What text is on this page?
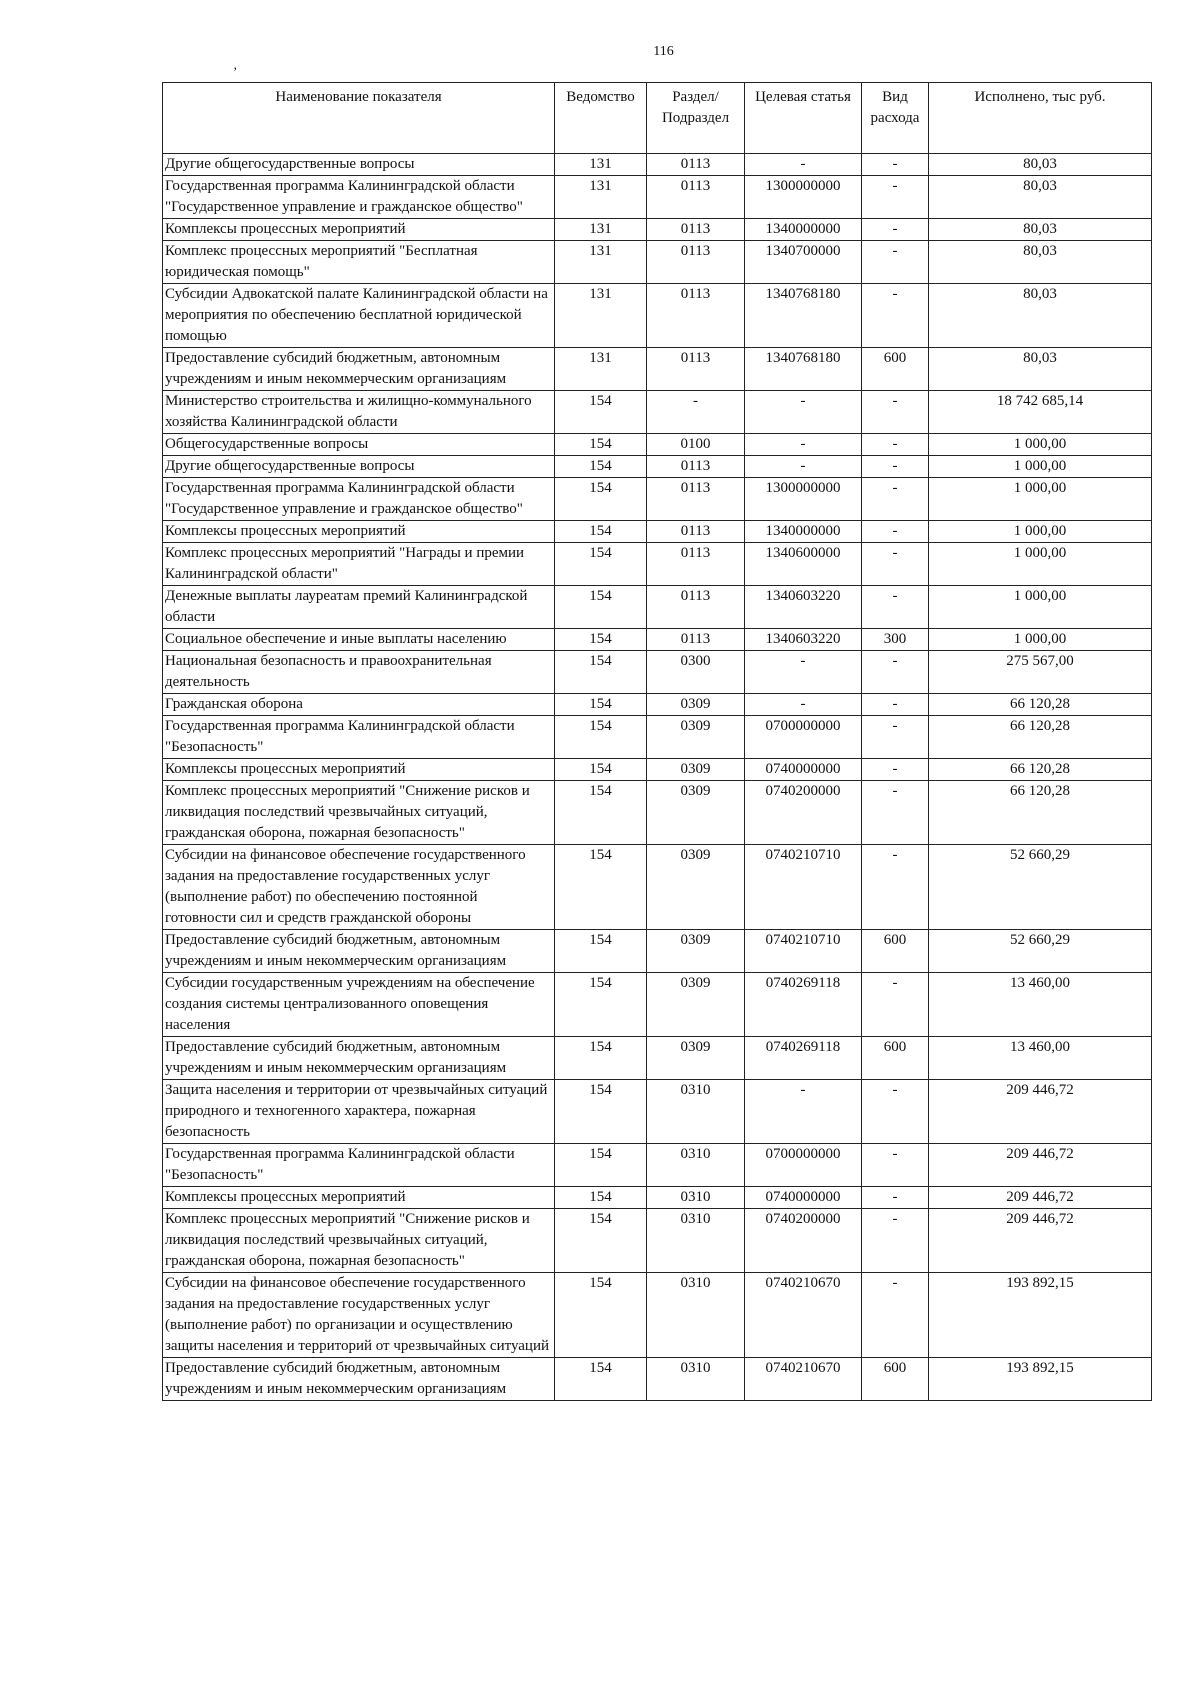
116
ʼ
Наименование показателя	Ведомство	Раздел/ Подраздел	Целевая статья	Вид расхода	Исполнено, тыс руб.
Другие общегосударственные вопросы	131	0113	-	-	80,03
Государственная программа Калининградской области "Государственное управление и гражданское общество"	131	0113	1300000000	-	80,03
Комплексы процессных мероприятий	131	0113	1340000000	-	80,03
Комплекс процессных мероприятий "Бесплатная юридическая помощь"	131	0113	1340700000	-	80,03
Субсидии Адвокатской палате Калининградской области на мероприятия по обеспечению бесплатной юридической помощью	131	0113	1340768180	-	80,03
Предоставление субсидий бюджетным, автономным учреждениям и иным некоммерческим организациям	131	0113	1340768180	600	80,03
Министерство строительства и жилищно-коммунального хозяйства Калининградской области	154	-	-	-	18 742 685,14
Общегосударственные вопросы	154	0100	-	-	1 000,00
Другие общегосударственные вопросы	154	0113	-	-	1 000,00
Государственная программа Калининградской области "Государственное управление и гражданское общество"	154	0113	1300000000	-	1 000,00
Комплексы процессных мероприятий	154	0113	1340000000	-	1 000,00
Комплекс процессных мероприятий "Награды и премии Калининградской области"	154	0113	1340600000	-	1 000,00
Денежные выплаты лауреатам премий Калининградской области	154	0113	1340603220	-	1 000,00
Социальное обеспечение и иные выплаты населению	154	0113	1340603220	300	1 000,00
Национальная безопасность и правоохранительная деятельность	154	0300	-	-	275 567,00
Гражданская оборона	154	0309	-	-	66 120,28
Государственная программа Калининградской области "Безопасность"	154	0309	0700000000	-	66 120,28
Комплексы процессных мероприятий	154	0309	0740000000	-	66 120,28
Комплекс процессных мероприятий "Снижение рисков и ликвидация последствий чрезвычайных ситуаций, гражданская оборона, пожарная безопасность"	154	0309	0740200000	-	66 120,28
Субсидии на финансовое обеспечение государственного задания на предоставление государственных услуг (выполнение работ) по обеспечению постоянной готовности сил и средств гражданской обороны	154	0309	0740210710	-	52 660,29
Предоставление субсидий бюджетным, автономным учреждениям и иным некоммерческим организациям	154	0309	0740210710	600	52 660,29
Субсидии государственным учреждениям на обеспечение создания системы централизованного оповещения населения	154	0309	0740269118	-	13 460,00
Предоставление субсидий бюджетным, автономным учреждениям и иным некоммерческим организациям	154	0309	0740269118	600	13 460,00
Защита населения и территории от чрезвычайных ситуаций природного и техногенного характера, пожарная безопасность	154	0310	-	-	209 446,72
Государственная программа Калининградской области "Безопасность"	154	0310	0700000000	-	209 446,72
Комплексы процессных мероприятий	154	0310	0740000000	-	209 446,72
Комплекс процессных мероприятий "Снижение рисков и ликвидация последствий чрезвычайных ситуаций, гражданская оборона, пожарная безопасность"	154	0310	0740200000	-	209 446,72
Субсидии на финансовое обеспечение государственного задания на предоставление государственных услуг (выполнение работ) по организации и осуществлению защиты населения и территорий от чрезвычайных ситуаций	154	0310	0740210670	-	193 892,15
Предоставление субсидий бюджетным, автономным учреждениям и иным некоммерческим организациям	154	0310	0740210670	600	193 892,15
